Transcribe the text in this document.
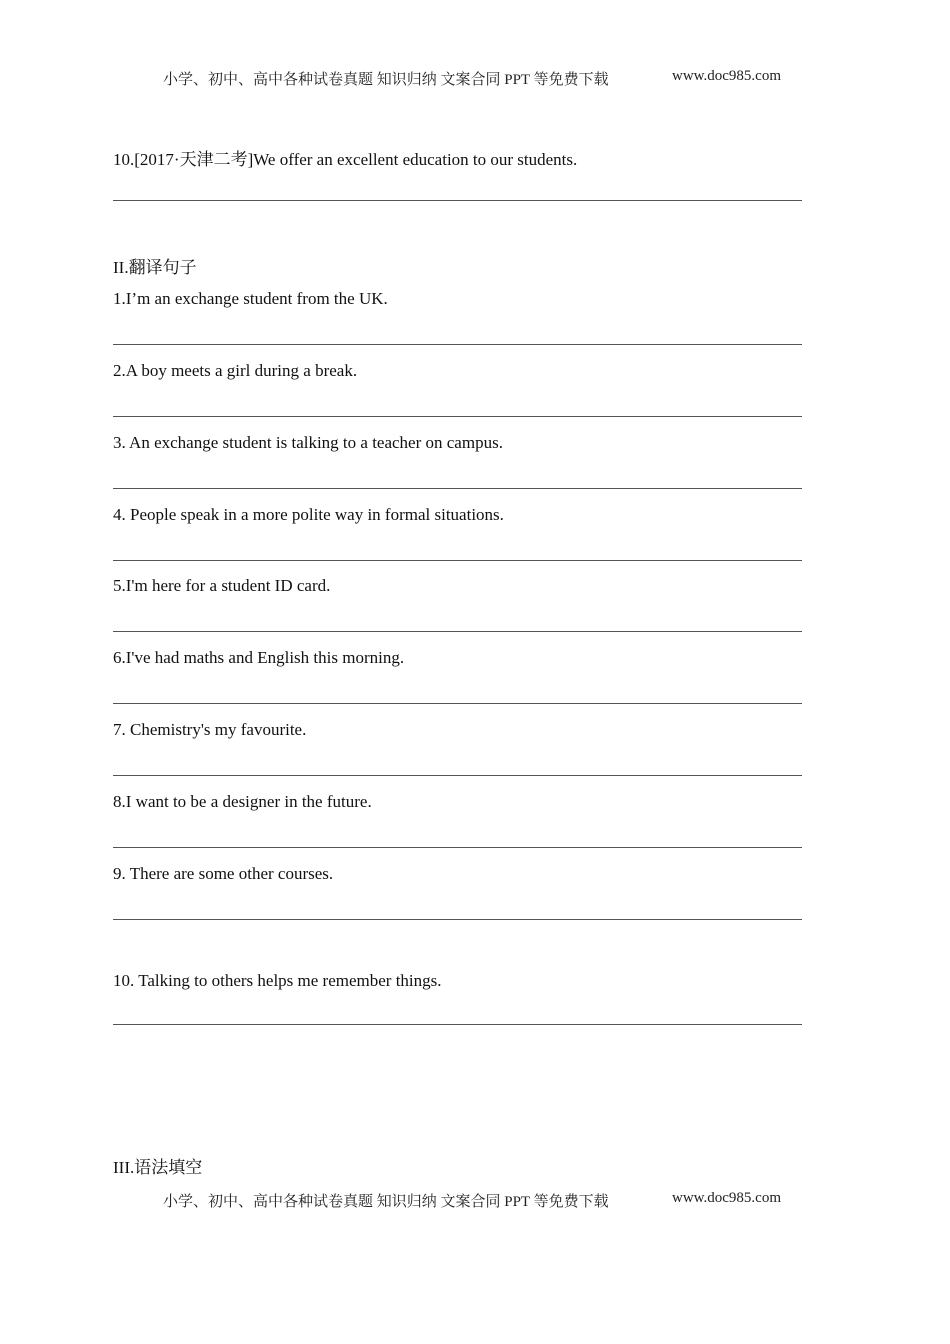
小学、初中、高中各种试卷真题 知识归纳 文案合同 PPT 等免费下载	www.doc985.com
10.[2017·天津二考]We offer an excellent education to our students.
II.翻译句子
1.I’m an exchange student from the UK.
2.A boy meets a girl during a break.
3. An exchange student is talking to a teacher on campus.
4. People speak in a more polite way in formal situations.
5.I'm here for a student ID card.
6.I've had maths and English this morning.
7. Chemistry's my favourite.
8.I want to be a designer in the future.
9. There are some other courses.
10. Talking to others helps me remember things.
III.语法填空
小学、初中、高中各种试卷真题 知识归纳 文案合同 PPT 等免费下载	www.doc985.com
